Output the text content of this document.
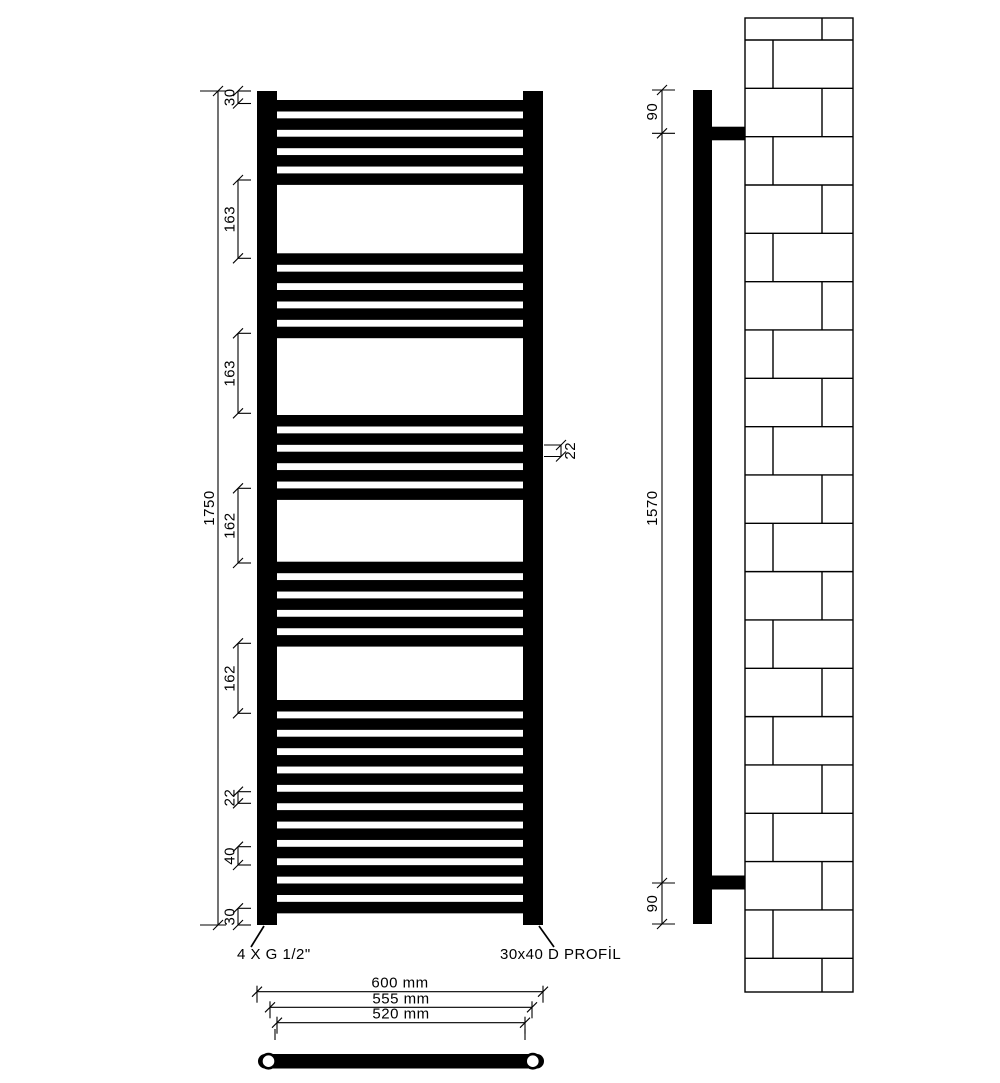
1750
30
163
163
162
162
22
40
30
22
90
1570
90
600 mm
555 mm
520 mm
4 X G 1/2"	30x40 D PROFİL
